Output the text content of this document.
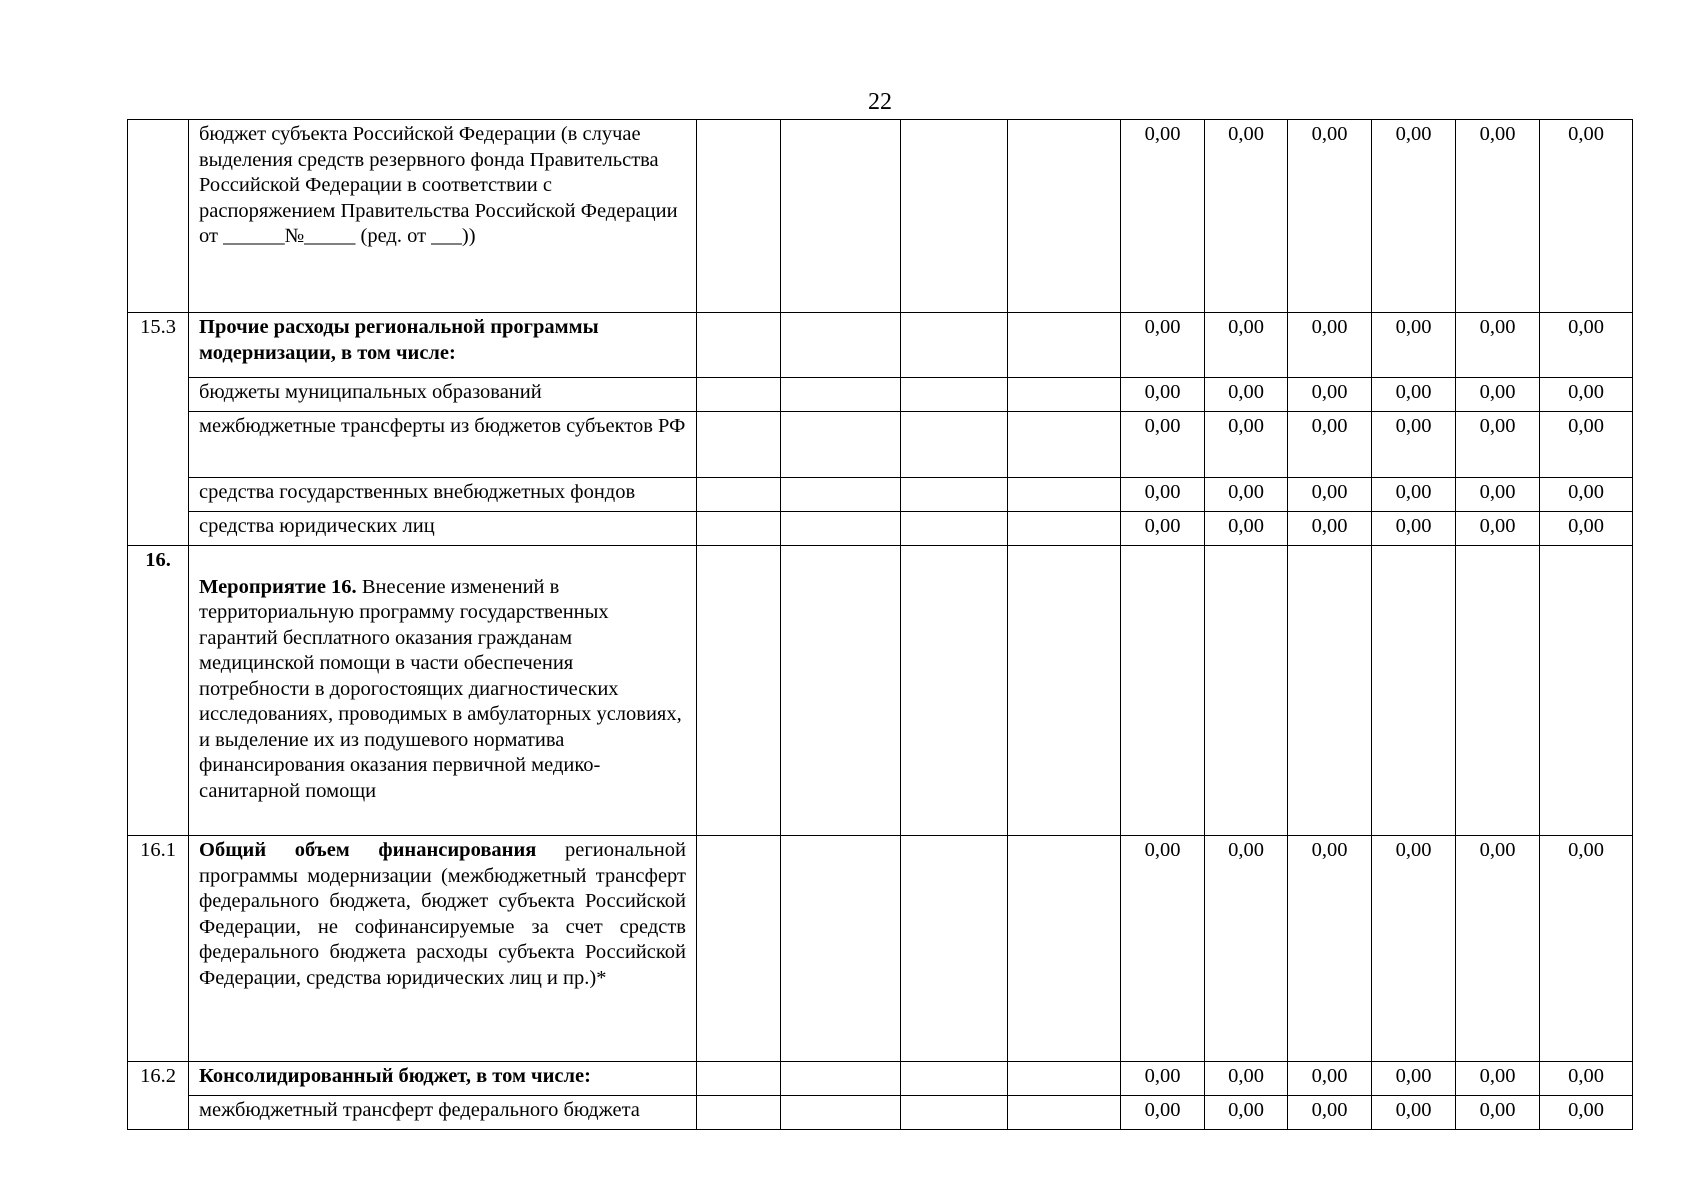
22
	бюджет субъекта Российской Федерации (в случае выделения средств резервного фонда Правительства Российской Федерации в соответствии с распоряжением Правительства Российской Федерации от ______№_____ (ред. от ___))					0,00	0,00	0,00	0,00	0,00	0,00
15.3	Прочие расходы региональной программы модернизации, в том числе:					0,00	0,00	0,00	0,00	0,00	0,00
	бюджеты муниципальных образований					0,00	0,00	0,00	0,00	0,00	0,00
	межбюджетные трансферты из бюджетов субъектов РФ					0,00	0,00	0,00	0,00	0,00	0,00
	средства государственных внебюджетных фондов					0,00	0,00	0,00	0,00	0,00	0,00
	средства юридических лиц					0,00	0,00	0,00	0,00	0,00	0,00
16.	Мероприятие 16. Внесение изменений в территориальную программу государственных гарантий бесплатного оказания гражданам медицинской помощи в части обеспечения потребности в дорогостоящих диагностических исследованиях, проводимых в амбулаторных условиях, и выделение их из подушевого норматива финансирования оказания первичной медико-санитарной помощи										
16.1	Общий объем финансирования региональной программы модернизации (межбюджетный трансферт федерального бюджета, бюджет субъекта Российской Федерации, не софинансируемые за счет средств федерального бюджета расходы субъекта Российской Федерации, средства юридических лиц и пр.)*					0,00	0,00	0,00	0,00	0,00	0,00
16.2	Консолидированный бюджет, в том числе:					0,00	0,00	0,00	0,00	0,00	0,00
	межбюджетный трансферт федерального бюджета					0,00	0,00	0,00	0,00	0,00	0,00
